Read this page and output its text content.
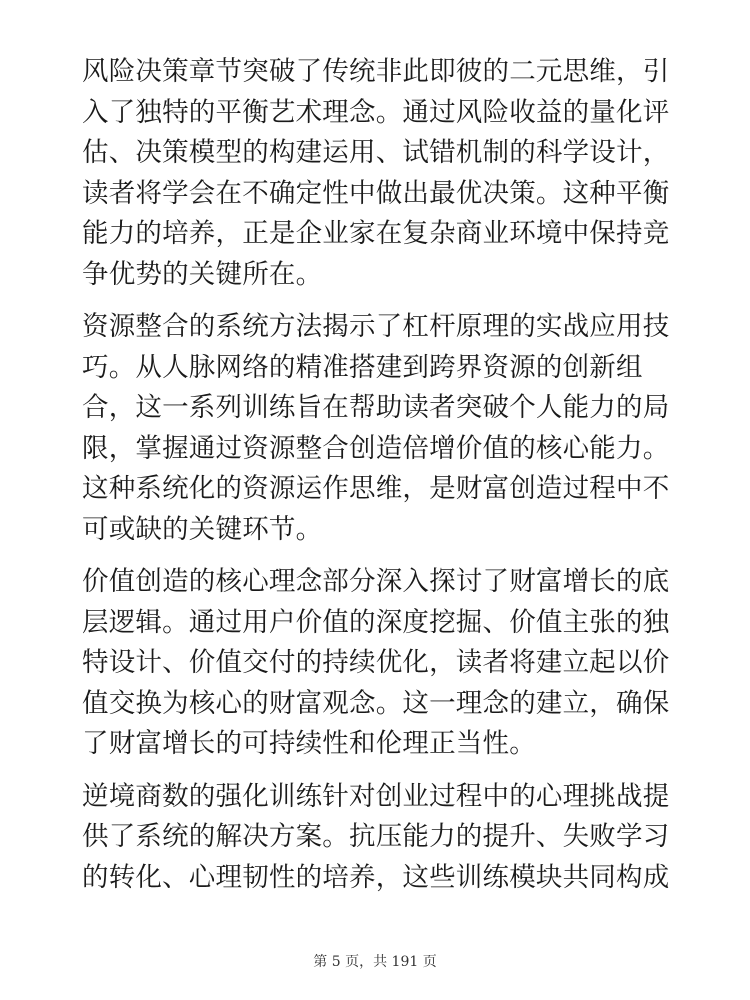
风险决策章节突破了传统非此即彼的二元思维，引入了独特的平衡艺术理念。通过风险收益的量化评估、决策模型的构建运用、试错机制的科学设计，读者将学会在不确定性中做出最优决策。这种平衡能力的培养，正是企业家在复杂商业环境中保持竞争优势的关键所在。

资源整合的系统方法揭示了杠杆原理的实战应用技巧。从人脉网络的精准搭建到跨界资源的创新组合，这一系列训练旨在帮助读者突破个人能力的局限，掌握通过资源整合创造倍增价值的核心能力。这种系统化的资源运作思维，是财富创造过程中不可或缺的关键环节。

价值创造的核心理念部分深入探讨了财富增长的底层逻辑。通过用户价值的深度挖掘、价值主张的独特设计、价值交付的持续优化，读者将建立起以价值交换为核心的财富观念。这一理念的建立，确保了财富增长的可持续性和伦理正当性。

逆境商数的强化训练针对创业过程中的心理挑战提供了系统的解决方案。抗压能力的提升、失败学习的转化、心理韧性的培养，这些训练模块共同构成

第 5 页，共 191 页
